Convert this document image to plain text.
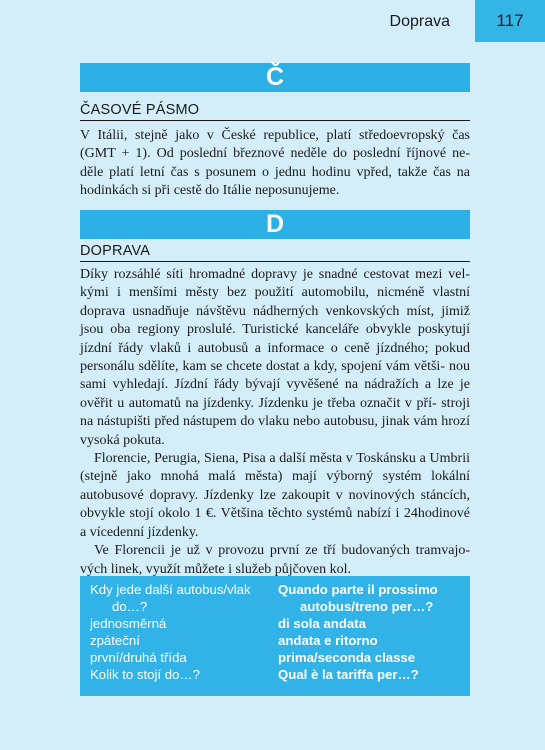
Doprava	117
Č
ČASOVÉ PÁSMO

V Itálii, stejně jako v České republice, platí středoevropský čas (GMT + 1). Od poslední březnové neděle do poslední říjnové ne- děle platí letní čas s posunem o jednu hodinu vpřed, takže čas na hodinkách si při cestě do Itálie neposunujeme.

D
DOPRAVA

Díky rozsáhlé síti hromadné dopravy je snadné cestovat mezi vel- kými i menšími městy bez použití automobilu, nicméně vlastní doprava usnadňuje návštěvu nádherných venkovských míst, jimiž jsou oba regiony proslulé. Turistické kanceláře obvykle poskytují jízdní řády vlaků i autobusů a informace o ceně jízdného; pokud personálu sdělíte, kam se chcete dostat a kdy, spojení vám větši- nou sami vyhledají. Jízdní řády bývají vyvěšené na nádražích a lze je ověřit u automatů na jízdenky. Jízdenku je třeba označit v pří- stroji na nástupišti před nástupem do vlaku nebo autobusu, jinak vám hrozí vysoká pokuta.

Florencie, Perugia, Siena, Pisa a další města v Toskánsku a Umbrii (stejně jako mnohá malá města) mají výborný systém lokální autobusové dopravy. Jízdenky lze zakoupit v novinových stáncích, obvykle stojí okolo 1 €. Většina těchto systémů nabízí i 24hodinové a vícedenní jízdenky.

Ve Florencii je už v provozu první ze tří budovaných tramvajo- vých linek, využít můžete i služeb půjčoven kol.

Kdy jede další autobus/vlak	Quando parte il prossimo
do…?	autobus/treno per…?
jednosměrná	di sola andata
zpáteční	andata e ritorno
první/druhá třída	prima/seconda classe
Kolik to stojí do…?	Qual è la tariffa per…?
